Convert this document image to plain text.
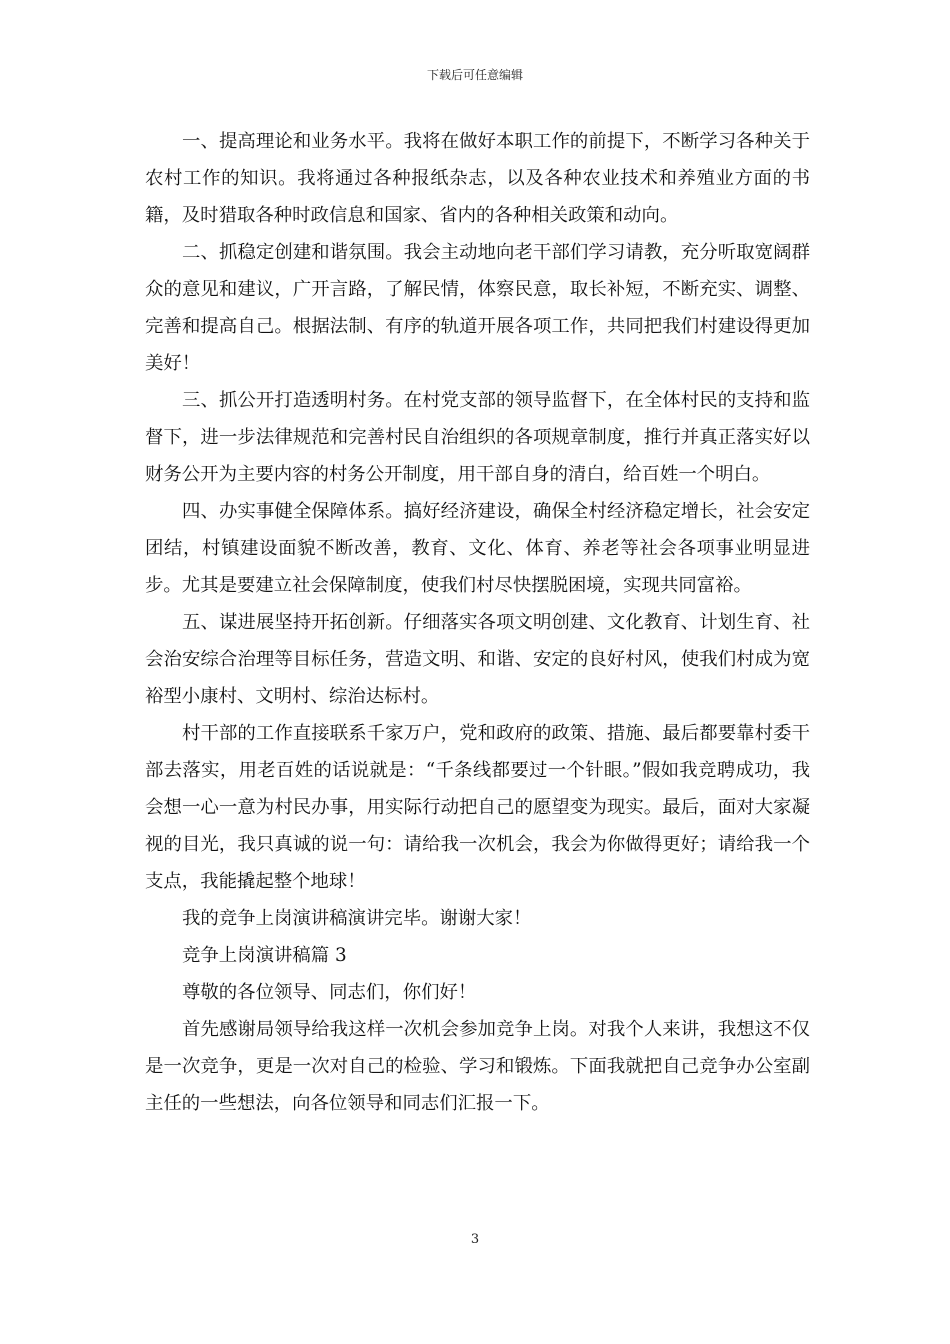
下载后可任意编辑

一、提高理论和业务水平。我将在做好本职工作的前提下，不断学习各种关于农村工作的知识。我将通过各种报纸杂志，以及各种农业技术和养殖业方面的书籍，及时猎取各种时政信息和国家、省内的各种相关政策和动向。

二、抓稳定创建和谐氛围。我会主动地向老干部们学习请教，充分听取宽阔群众的意见和建议，广开言路，了解民情，体察民意，取长补短，不断充实、调整、完善和提高自己。根据法制、有序的轨道开展各项工作，共同把我们村建设得更加美好！

三、抓公开打造透明村务。在村党支部的领导监督下，在全体村民的支持和监督下，进一步法律规范和完善村民自治组织的各项规章制度，推行并真正落实好以财务公开为主要内容的村务公开制度，用干部自身的清白，给百姓一个明白。

四、办实事健全保障体系。搞好经济建设，确保全村经济稳定增长，社会安定团结，村镇建设面貌不断改善，教育、文化、体育、养老等社会各项事业明显进步。尤其是要建立社会保障制度，使我们村尽快摆脱困境，实现共同富裕。

五、谋进展坚持开拓创新。仔细落实各项文明创建、文化教育、计划生育、社会治安综合治理等目标任务，营造文明、和谐、安定的良好村风，使我们村成为宽裕型小康村、文明村、综治达标村。

村干部的工作直接联系千家万户，党和政府的政策、措施、最后都要靠村委干部去落实，用老百姓的话说就是：“千条线都要过一个针眼。”假如我竞聘成功，我会想一心一意为村民办事，用实际行动把自己的愿望变为现实。最后，面对大家凝视的目光，我只真诚的说一句：请给我一次机会，我会为你做得更好；请给我一个支点，我能撬起整个地球！

我的竞争上岗演讲稿演讲完毕。谢谢大家！

竞争上岗演讲稿篇 3

尊敬的各位领导、同志们，你们好！

首先感谢局领导给我这样一次机会参加竞争上岗。对我个人来讲，我想这不仅是一次竞争，更是一次对自己的检验、学习和锻炼。下面我就把自己竞争办公室副主任的一些想法，向各位领导和同志们汇报一下。

3
